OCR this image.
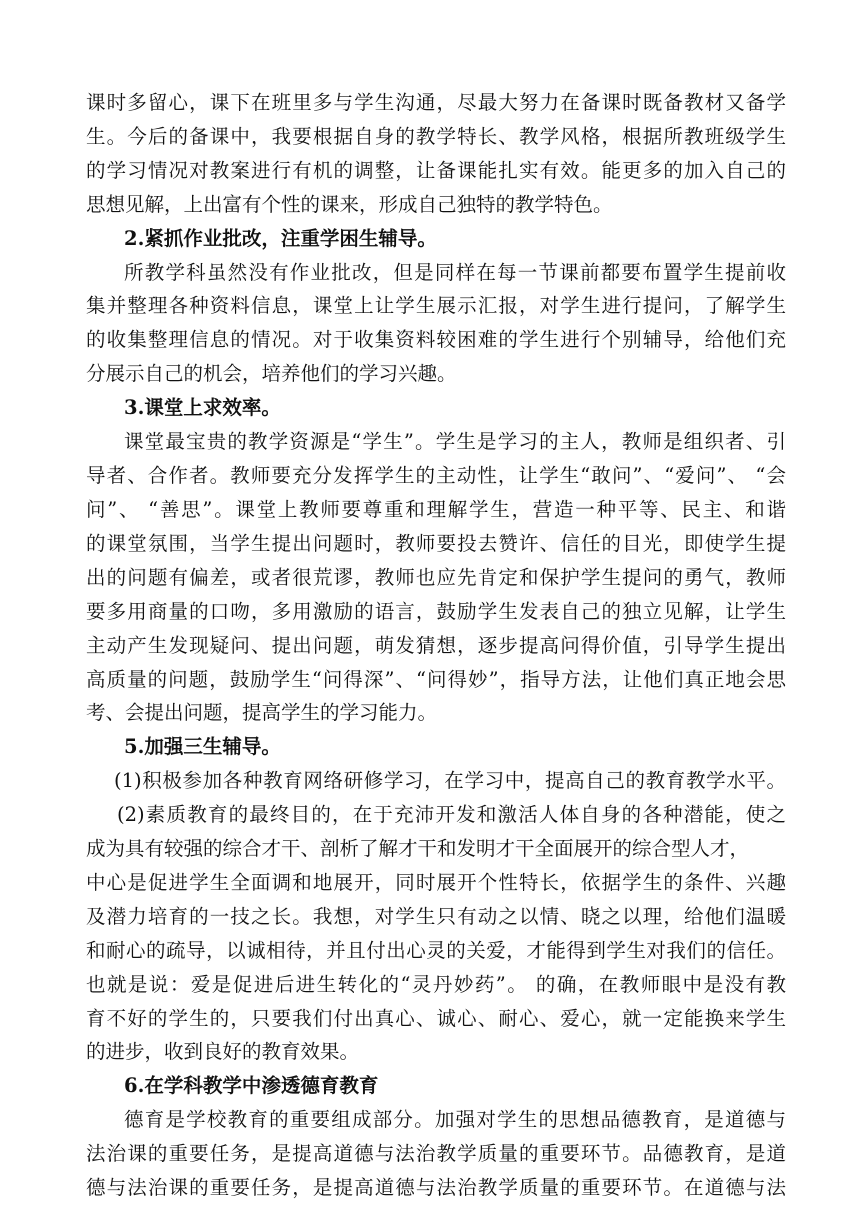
课时多留心，课下在班里多与学生沟通，尽最大努力在备课时既备教材又备学
生。今后的备课中，我要根据自身的教学特长、教学风格，根据所教班级学生
的学习情况对教案进行有机的调整，让备课能扎实有效。能更多的加入自己的
思想见解，上出富有个性的课来，形成自己独特的教学特色。
2.紧抓作业批改，注重学困生辅导。
所教学科虽然没有作业批改，但是同样在每一节课前都要布置学生提前收
集并整理各种资料信息，课堂上让学生展示汇报，对学生进行提问，了解学生
的收集整理信息的情况。对于收集资料较困难的学生进行个别辅导，给他们充
分展示自己的机会，培养他们的学习兴趣。
3.课堂上求效率。
课堂最宝贵的教学资源是“学生”。学生是学习的主人，教师是组织者、引
导者、合作者。教师要充分发挥学生的主动性，让学生“敢问”、“爱问”、 “会
问”、 “善思”。课堂上教师要尊重和理解学生，营造一种平等、民主、和谐
的课堂氛围，当学生提出问题时，教师要投去赞许、信任的目光，即使学生提
出的问题有偏差，或者很荒谬，教师也应先肯定和保护学生提问的勇气，教师
要多用商量的口吻，多用激励的语言，鼓励学生发表自己的独立见解，让学生
主动产生发现疑问、提出问题，萌发猜想，逐步提高问得价值，引导学生提出
高质量的问题，鼓励学生“问得深”、“问得妙”，指导方法，让他们真正地会思
考、会提出问题，提高学生的学习能力。
5.加强三生辅导。
(1)积极参加各种教育网络研修学习，在学习中，提高自己的教育教学水平。
(2)素质教育的最终目的，在于充沛开发和激活人体自身的各种潜能，使之
成为具有较强的综合才干、剖析了解才干和发明才干全面展开的综合型人才，
中心是促进学生全面调和地展开，同时展开个性特长，依据学生的条件、兴趣
及潜力培育的一技之长。我想，对学生只有动之以情、晓之以理，给他们温暖
和耐心的疏导，以诚相待，并且付出心灵的关爱，才能得到学生对我们的信任。
也就是说：爱是促进后进生转化的“灵丹妙药”。 的确，在教师眼中是没有教
育不好的学生的，只要我们付出真心、诚心、耐心、爱心，就一定能换来学生
的进步，收到良好的教育效果。
6.在学科教学中渗透德育教育
德育是学校教育的重要组成部分。加强对学生的思想品德教育，是道德与
法治课的重要任务，是提高道德与法治教学质量的重要环节。品德教育，是道
德与法治课的重要任务，是提高道德与法治教学质量的重要环节。在道德与法
